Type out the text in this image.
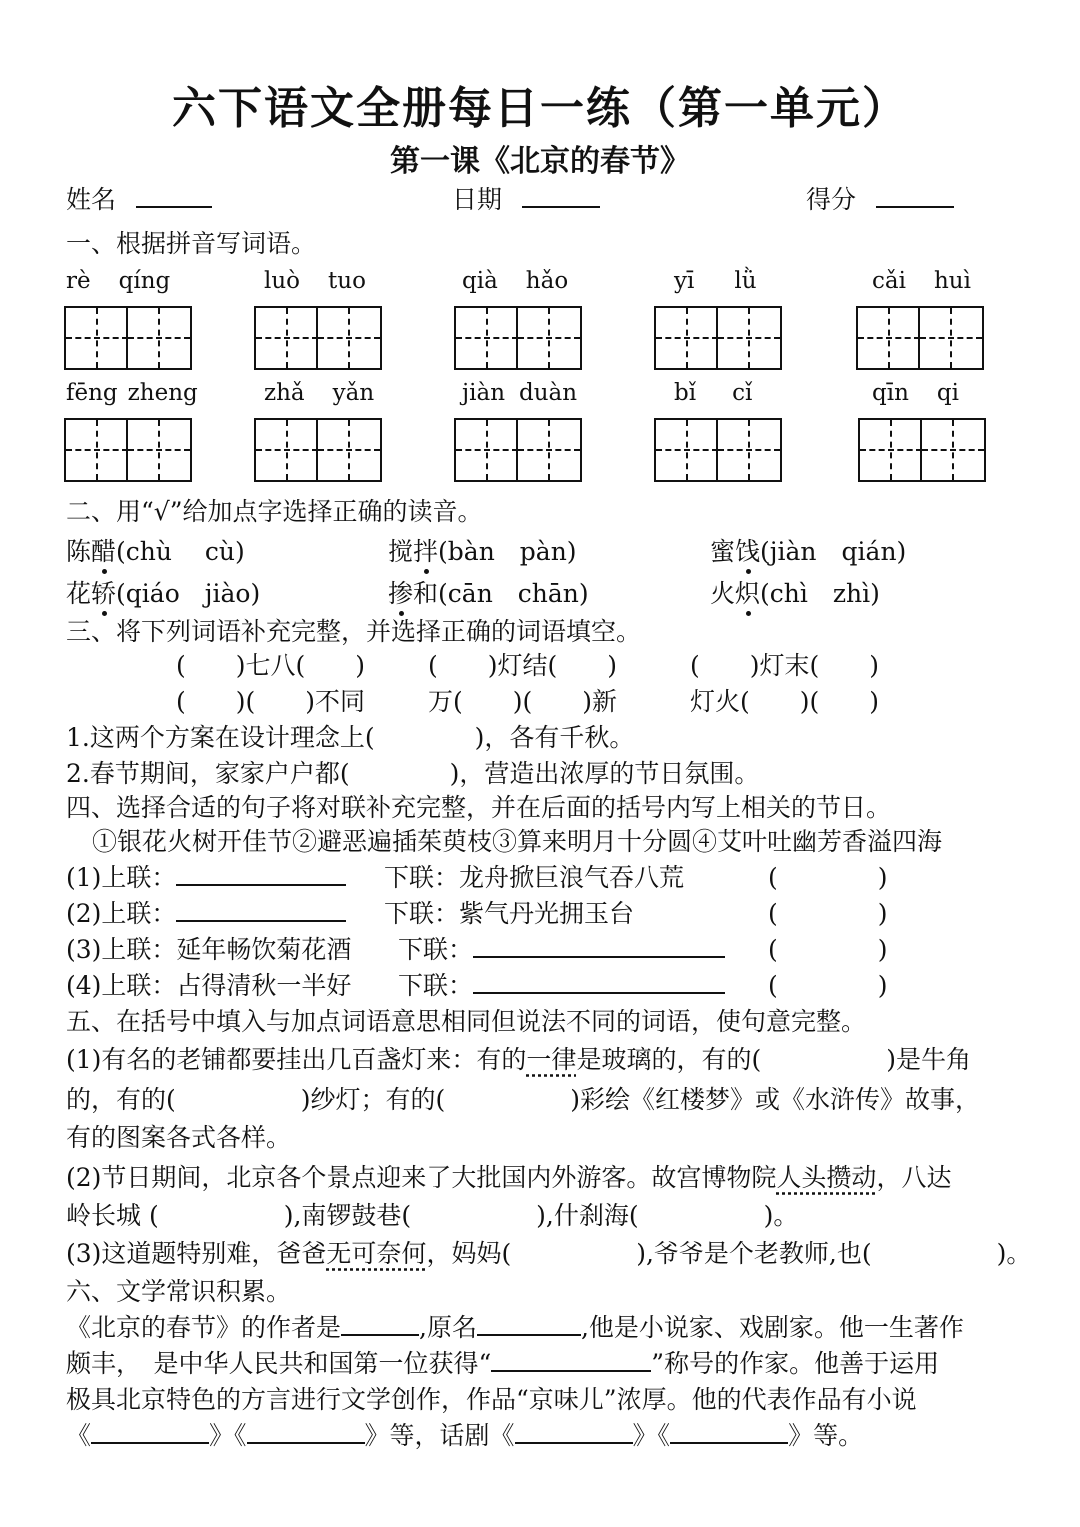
六下语文全册每日一练（第一单元）
第一课《北京的春节》
姓名	日期	得分
一、根据拼音写词语。
rè qíng	luò tuo	qià hǎo	yī lǜ	cǎi huì
fēng zheng	zhǎ yǎn	jiàn duàn	bǐ cǐ	qīn qi
二、用“√”给加点字选择正确的读音。
陈醋(chù　 cù)	搅拌(bàn　pàn)	蜜饯(jiàn　qián)
花轿(qiáo　jiào)	掺和(cān　chān)	火炽(chì　zhì)
三、将下列词语补充完整，并选择正确的词语填空。
(　　)七八(　　)	(　　)灯结(　　)	(　　)灯末(　　)
(　　)(　　)不同	万(　　)(　　)新	灯火(　　)(　　)
1.这两个方案在设计理念上(　　　　)，各有千秋。
2.春节期间，家家户户都(　　　　)，营造出浓厚的节日氛围。
四、选择合适的句子将对联补充完整，并在后面的括号内写上相关的节日。
①银花火树开佳节②避恶遍插茱萸枝③算来明月十分圆④艾叶吐幽芳香溢四海
(1)上联：	下联：龙舟掀巨浪气吞八荒	(　　　　)
(2)上联：	下联：紫气丹光拥玉台	(　　　　)
(3)上联：延年畅饮菊花酒 下联：	(　　　　)
(4)上联：占得清秋一半好 下联：	(　　　　)
五、在括号中填入与加点词语意思相同但说法不同的词语，使句意完整。
(1)有名的老铺都要挂出几百盏灯来：有的一律是玻璃的，有的(　　　　　)是牛角
的，有的(　　　　　)纱灯；有的(　　　　　)彩绘《红楼梦》或《水浒传》故事，
有的图案各式各样。
(2)节日期间，北京各个景点迎来了大批国内外游客。故宫博物院人头攒动，八达
岭长城 (　　　　　),南锣鼓巷(　　　　　),什刹海(　　　　　)。
(3)这道题特别难，爸爸无可奈何，妈妈(　　　　　),爷爷是个老教师,也(　　　　　)。
六、文学常识积累。
《北京的春节》的作者是	,原名	,他是小说家、戏剧家。他一生著作
颇丰，　是中华人民共和国第一位获得“	”称号的作家。他善于运用
极具北京特色的方言进行文学创作，作品“京味儿”浓厚。他的代表作品有小说
《	》《	》等，话剧《	》《	》等。
